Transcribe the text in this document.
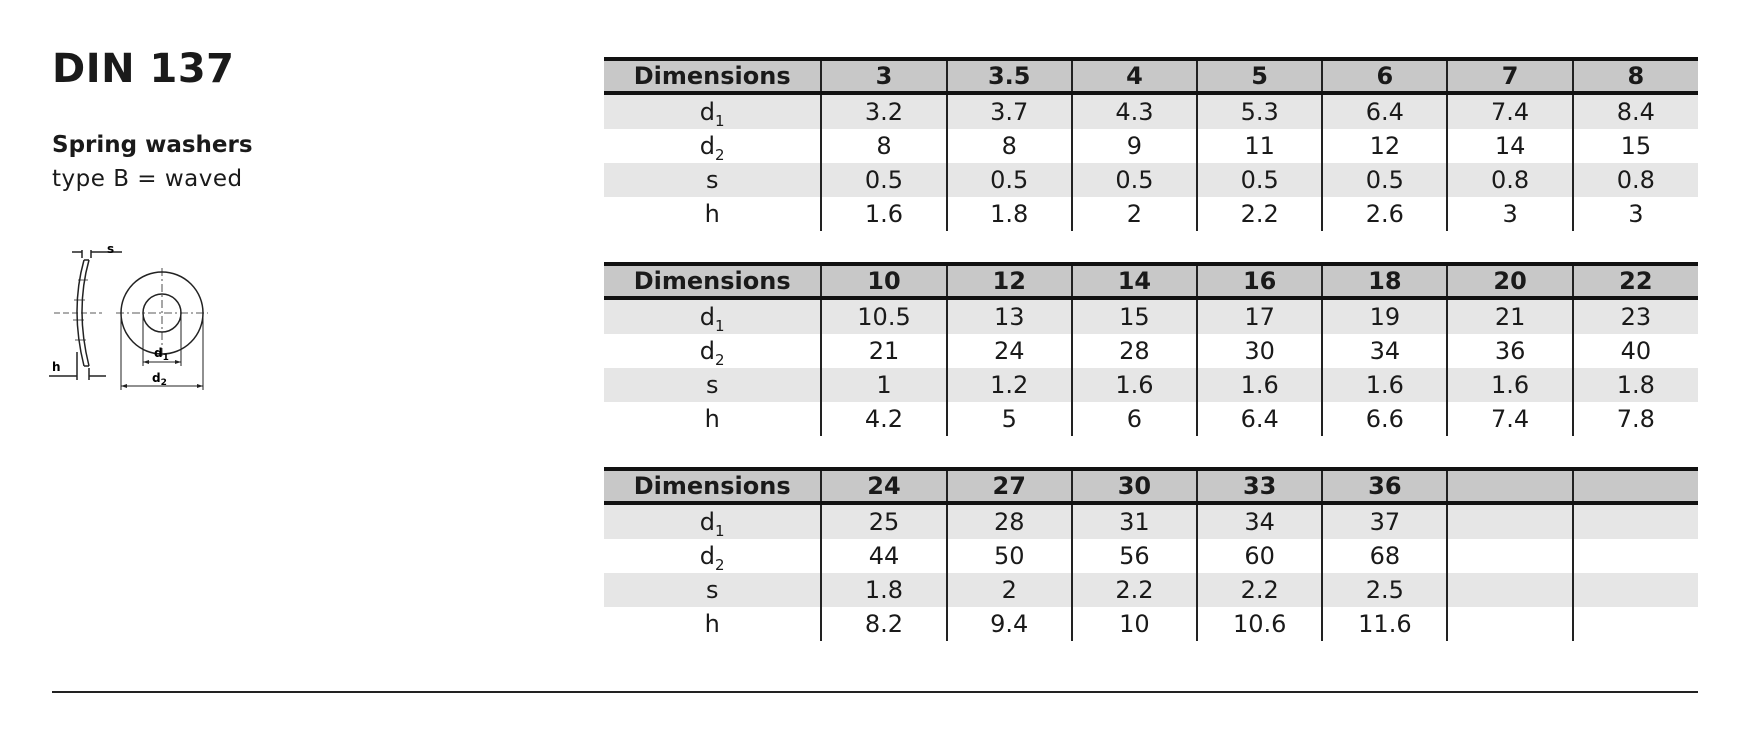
DIN 137
Spring washers
type B = waved
s
h
$d_1$
$d_2$
Dimensions	3	3.5	4	5	6	7	8
$d_1$	3.2	3.7	4.3	5.3	6.4	7.4	8.4
$d_2$	8	8	9	11	12	14	15
s	0.5	0.5	0.5	0.5	0.5	0.8	0.8
h	1.6	1.8	2	2.2	2.6	3	3
Dimensions	10	12	14	16	18	20	22
$d_1$	10.5	13	15	17	19	21	23
$d_2$	21	24	28	30	34	36	40
s	1	1.2	1.6	1.6	1.6	1.6	1.8
h	4.2	5	6	6.4	6.6	7.4	7.8
Dimensions	24	27	30	33	36		
$d_1$	25	28	31	34	37		
$d_2$	44	50	56	60	68		
s	1.8	2	2.2	2.2	2.5		
h	8.2	9.4	10	10.6	11.6		
